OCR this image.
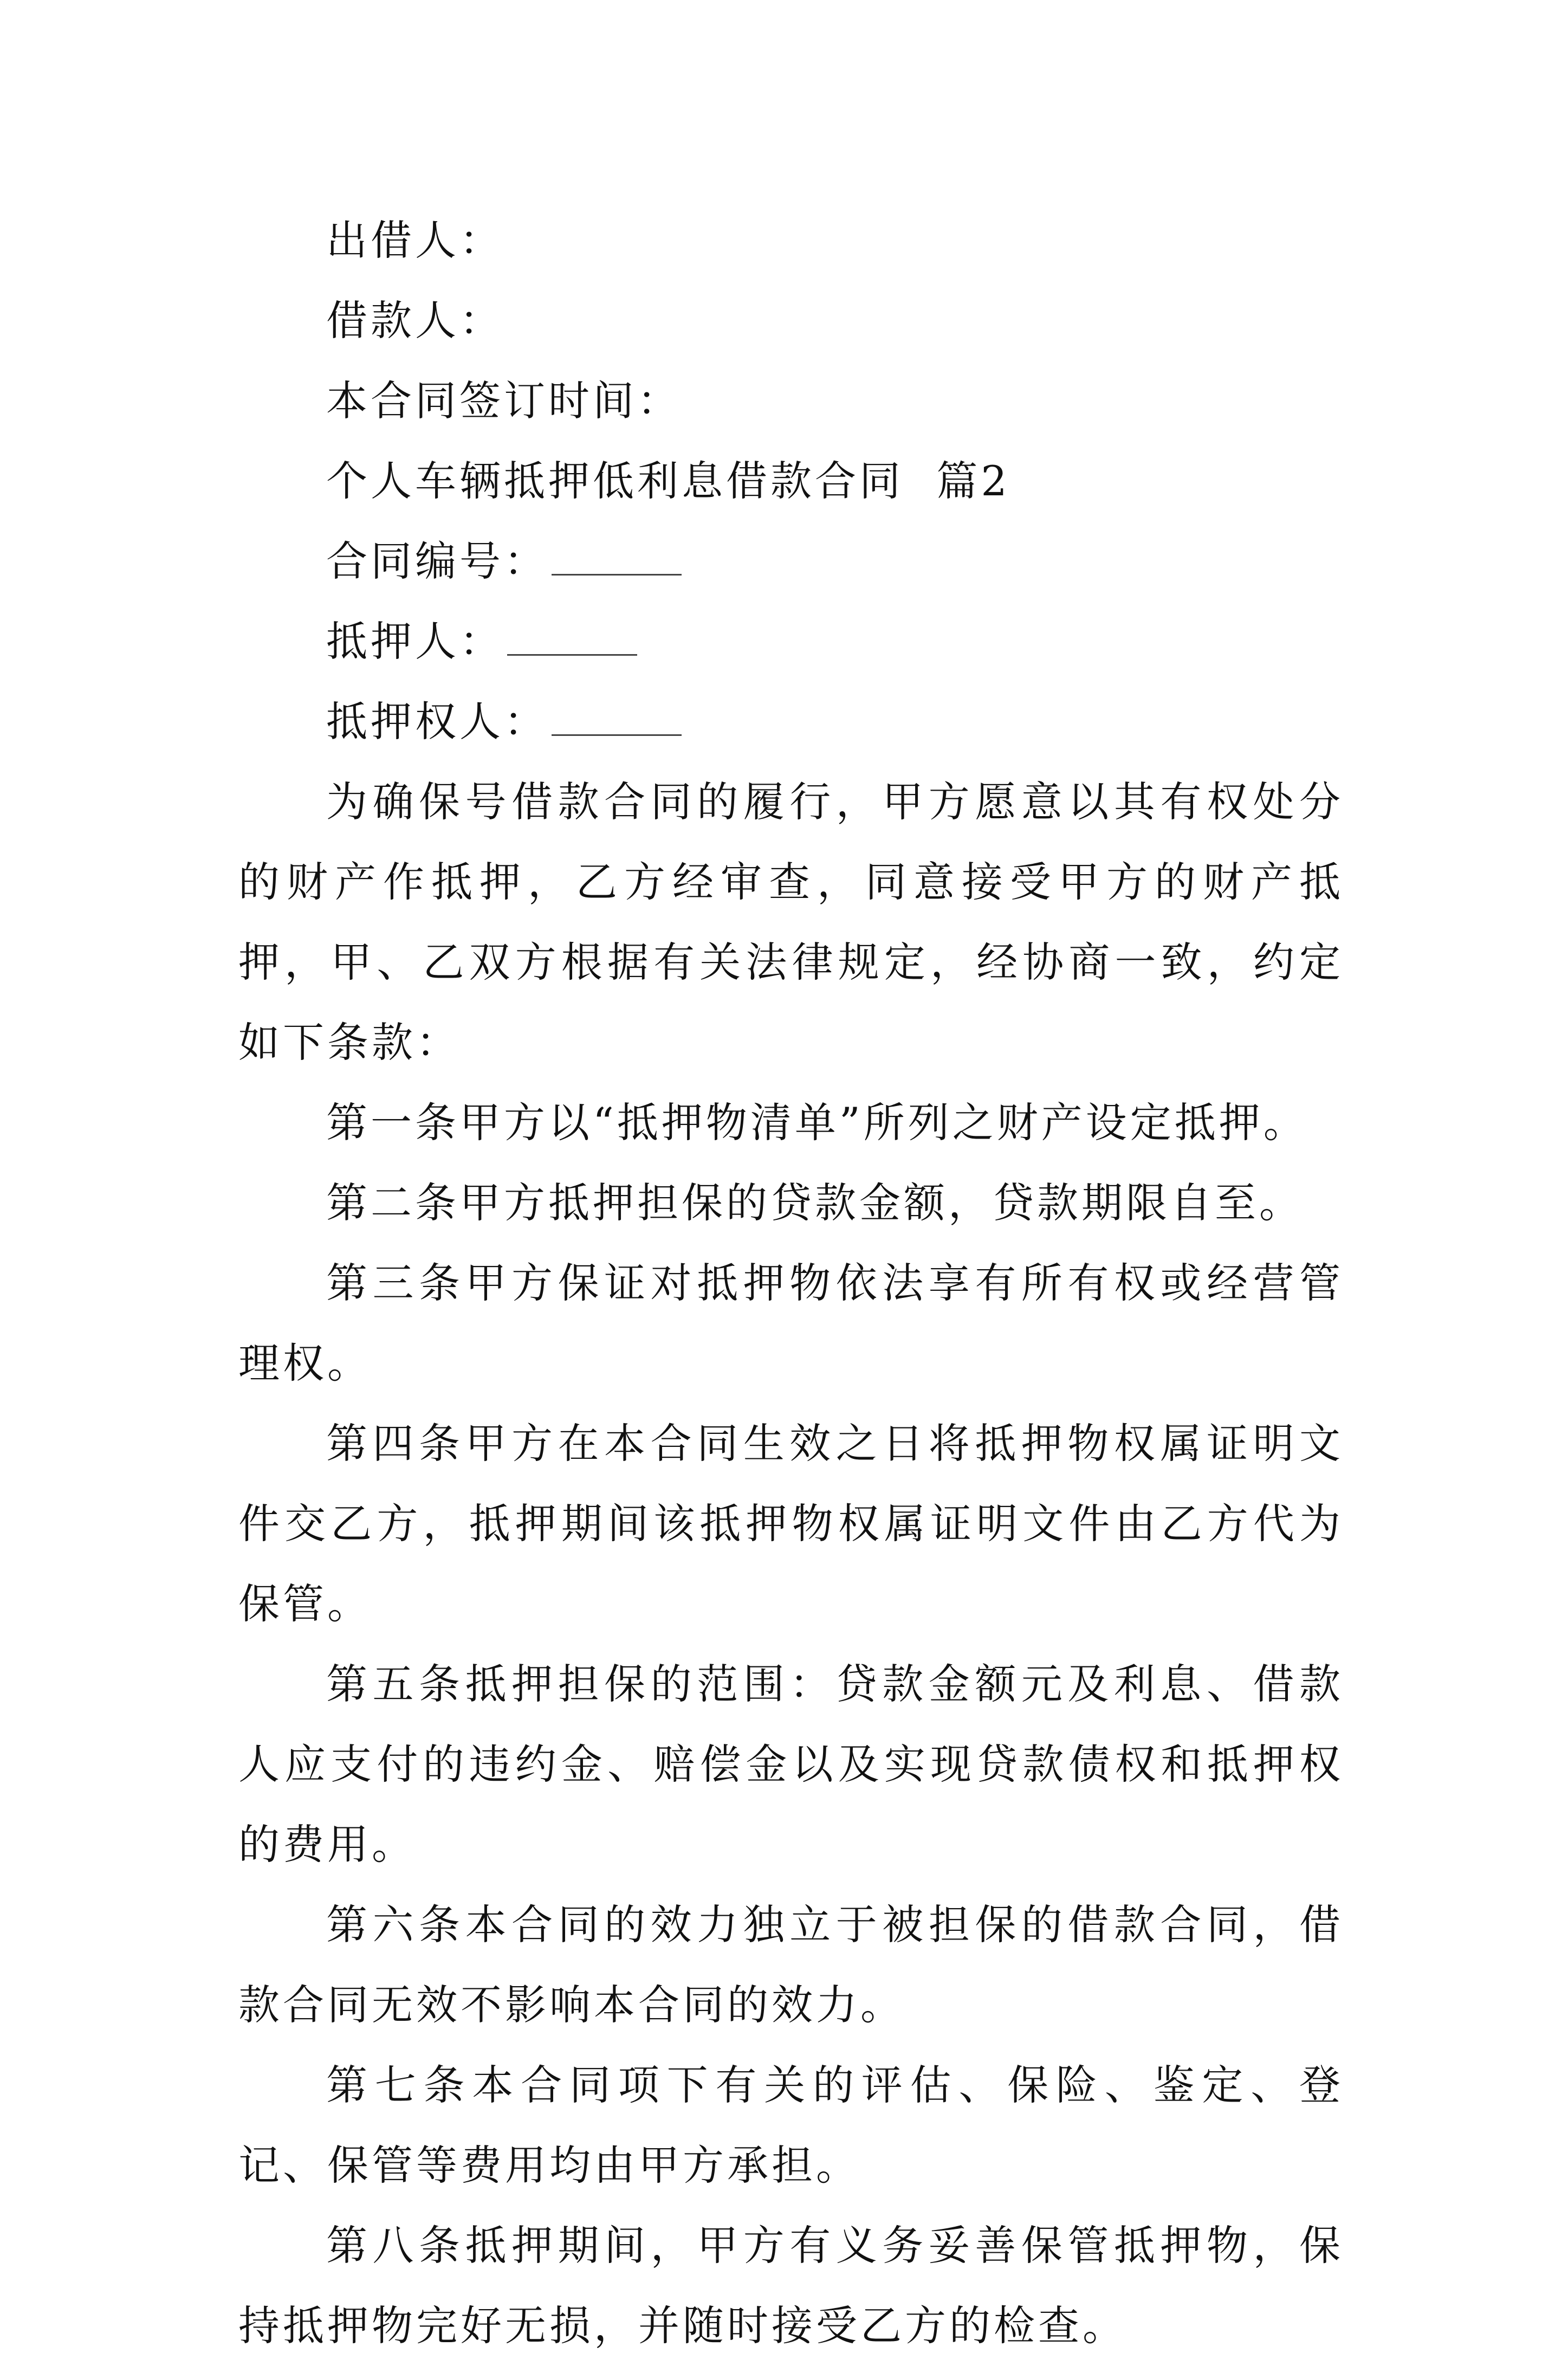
出借人：
借款人：
本合同签订时间：
个人车辆抵押低利息借款合同  篇2
合同编号：
抵押人：
抵押权人：

为确保号借款合同的履行，甲方愿意以其有权处分的财产作抵押，乙方经审查，同意接受甲方的财产抵押，甲、乙双方根据有关法律规定，经协商一致，约定如下条款：

第一条甲方以“抵押物清单”所列之财产设定抵押。

第二条甲方抵押担保的贷款金额，贷款期限自至。

第三条甲方保证对抵押物依法享有所有权或经营管理权。

第四条甲方在本合同生效之日将抵押物权属证明文件交乙方，抵押期间该抵押物权属证明文件由乙方代为保管。

第五条抵押担保的范围：贷款金额元及利息、借款人应支付的违约金、赔偿金以及实现贷款债权和抵押权的费用。

第六条本合同的效力独立于被担保的借款合同，借款合同无效不影响本合同的效力。

第七条本合同项下有关的评估、保险、鉴定、登记、保管等费用均由甲方承担。

第八条抵押期间，甲方有义务妥善保管抵押物，保持抵押物完好无损，并随时接受乙方的检查。
